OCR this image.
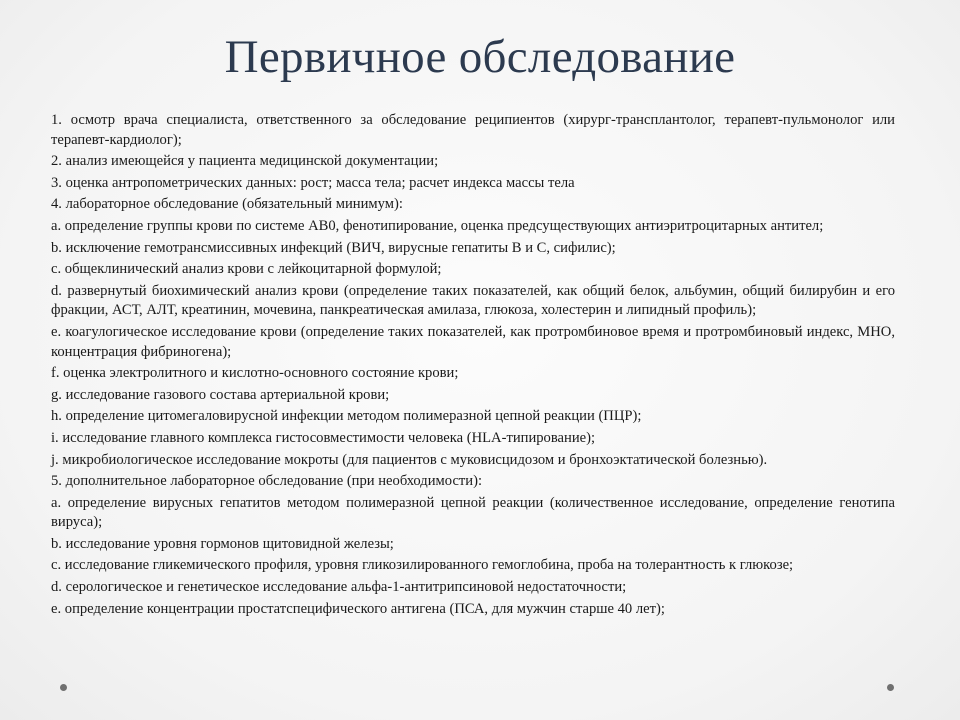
Первичное обследование
1. осмотр врача специалиста, ответственного за обследование реципиентов (хирург-трансплантолог, терапевт-пульмонолог или терапевт-кардиолог);
2. анализ имеющейся у пациента медицинской документации;
3. оценка антропометрических данных: рост; масса тела; расчет индекса массы тела
4. лабораторное обследование (обязательный минимум):
a. определение группы крови по системе АВ0, фенотипирование, оценка предсуществующих антиэритроцитарных антител;
b. исключение гемотрансмиссивных инфекций (ВИЧ, вирусные гепатиты В и С, сифилис);
c. общеклинический анализ крови с лейкоцитарной формулой;
d. развернутый биохимический анализ крови (определение таких показателей, как общий белок, альбумин, общий билирубин и его фракции, АСТ, АЛТ, креатинин, мочевина, панкреатическая амилаза, глюкоза, холестерин и липидный профиль);
e. коагулогическое исследование крови (определение таких показателей, как протромбиновое время и протромбиновый индекс, МНО, концентрация фибриногена);
f. оценка электролитного и кислотно-основного состояние крови;
g. исследование газового состава артериальной крови;
h. определение цитомегаловирусной инфекции методом полимеразной цепной реакции (ПЦР);
i. исследование главного комплекса гистосовместимости человека (HLA-типирование);
j. микробиологическое исследование мокроты (для пациентов с муковисцидозом и бронхоэктатической болезнью).
5. дополнительное лабораторное обследование (при необходимости):
a. определение вирусных гепатитов методом полимеразной цепной реакции (количественное исследование, определение генотипа вируса);
b. исследование уровня гормонов щитовидной железы;
c. исследование гликемического профиля, уровня гликозилированного гемоглобина, проба на толерантность к глюкозе;
d. серологическое и генетическое исследование альфа-1-антитрипсиновой недостаточности;
e. определение концентрации простатспецифического антигена (ПСА, для мужчин старше 40 лет);
